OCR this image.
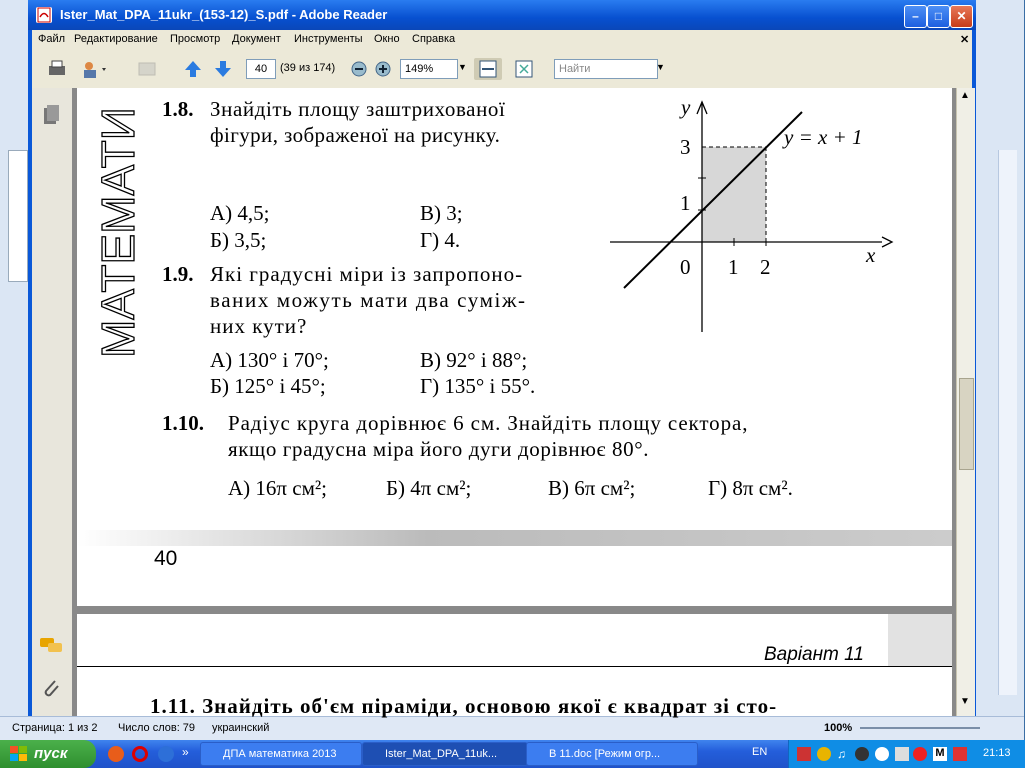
Страница: 1 из 2 Число слов: 79 украинский	100%
Ister_Mat_DPA_11ukr_(153-12)_S.pdf - Adobe Reader	–	□	✕
Файл Редактирование Просмотр Документ Инструменты Окно Справка	✕
40	(39 из 174)	149%	▼	Найти	▼
▲
▼
МАТЕМАТИ 1.8. Знайдіть площу заштрихованої
фігури, зображеної на рисунку.
А) 4,5;
Б) 3,5;
В) 3;
Г) 4.
y
x
y = x + 1
3
1
0 1 2
1.9. Які градусні міри із запропоно-
ваних можуть мати два суміж-
них кути?
А) 130° і 70°;
Б) 125° і 45°;
В) 92° і 88°;
Г) 135° і 55°.
1.10. Радіус круга дорівнює 6 см. Знайдіть площу сектора,
якщо градусна міра його дуги дорівнює 80°.
А) 16π см²;	Б) 4π см²;	В) 6π см²;	Г) 8π см².
40
Варіант 11
1.11. Знайдіть об'єм піраміди, основою якої є квадрат зі сто-
пуск	»	ДПА математика 2013	Ister_Mat_DPA_11uk...	В 11.doc [Режим огр...	EN	♫	M	21:13
